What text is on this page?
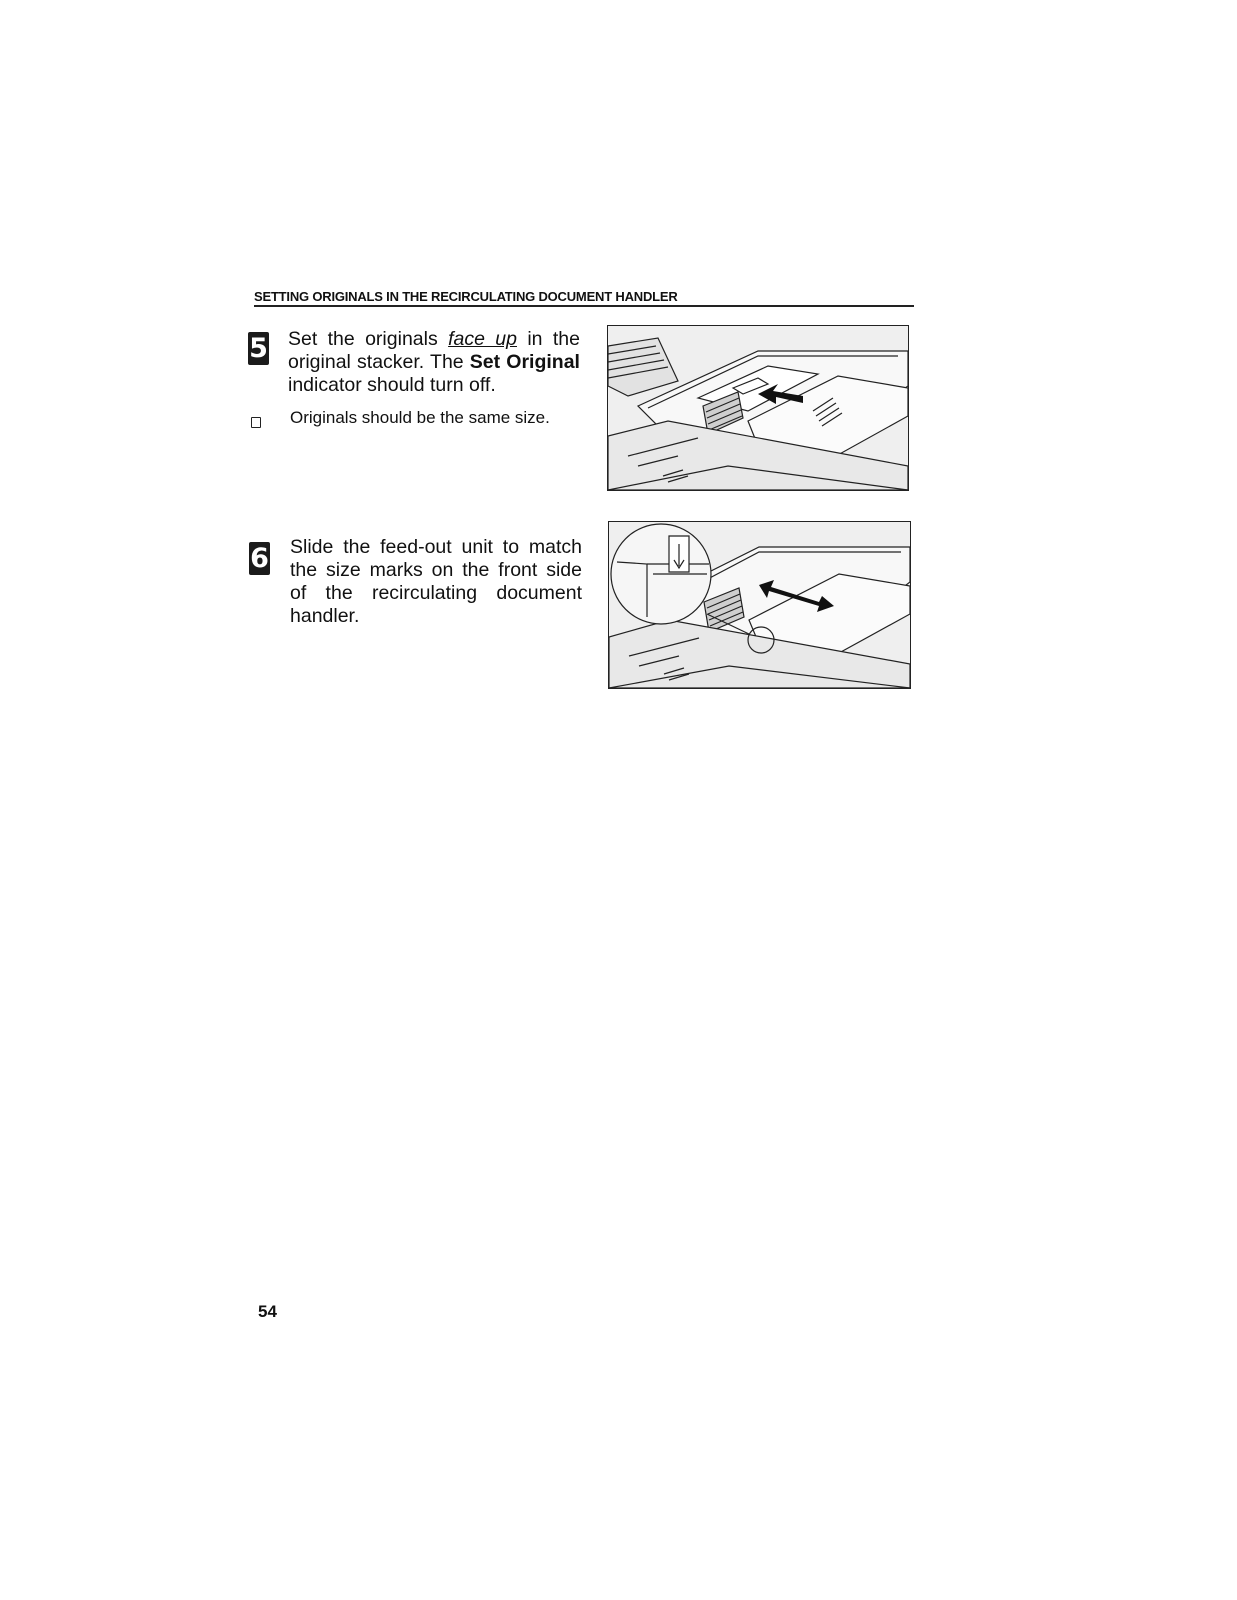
SETTING ORIGINALS IN THE RECIRCULATING DOCUMENT HANDLER
5 Set the originals face up in the original stacker. The Set Original indicator should turn off.
Originals should be the same size.
6 Slide the feed-out unit to match the size marks on the front side of the recirculating document handler.
54
